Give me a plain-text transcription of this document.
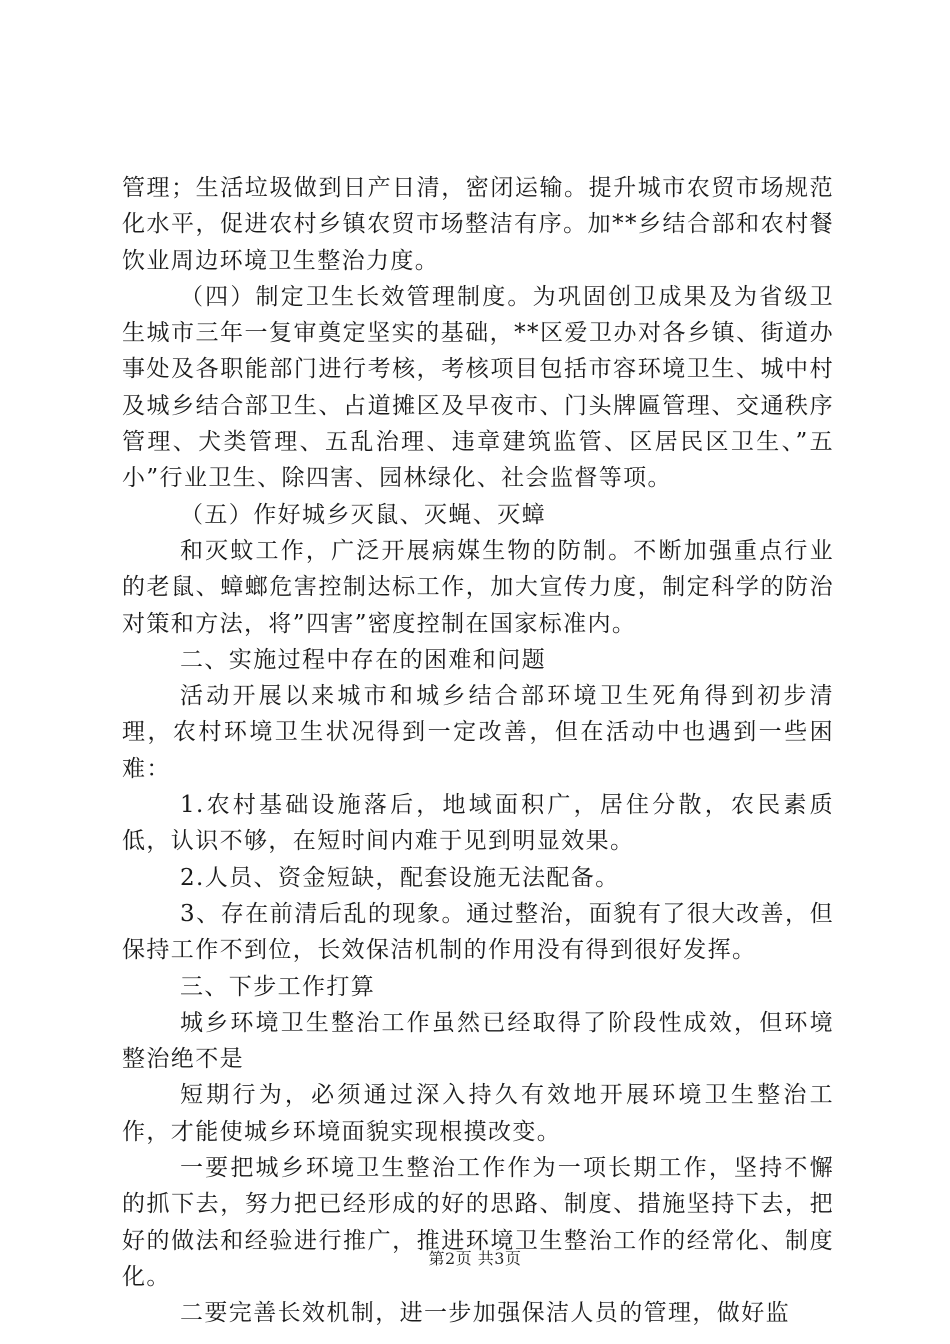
管理；生活垃圾做到日产日清，密闭运输。提升城市农贸市场规范化水平，促进农村乡镇农贸市场整洁有序。加**乡结合部和农村餐饮业周边环境卫生整治力度。

（四）制定卫生长效管理制度。为巩固创卫成果及为省级卫生城市三年一复审奠定坚实的基础，**区爱卫办对各乡镇、街道办事处及各职能部门进行考核，考核项目包括市容环境卫生、城中村及城乡结合部卫生、占道摊区及早夜市、门头牌匾管理、交通秩序管理、犬类管理、五乱治理、违章建筑监管、区居民区卫生、”五小”行业卫生、除四害、园林绿化、社会监督等项。

（五）作好城乡灭鼠、灭蝇、灭蟑

和灭蚊工作，广泛开展病媒生物的防制。不断加强重点行业的老鼠、蟑螂危害控制达标工作，加大宣传力度，制定科学的防治对策和方法，将”四害”密度控制在国家标准内。

二、实施过程中存在的困难和问题

活动开展以来城市和城乡结合部环境卫生死角得到初步清理，农村环境卫生状况得到一定改善，但在活动中也遇到一些困难：

1.农村基础设施落后，地域面积广，居住分散，农民素质低，认识不够，在短时间内难于见到明显效果。

2.人员、资金短缺，配套设施无法配备。

3、存在前清后乱的现象。通过整治，面貌有了很大改善，但保持工作不到位，长效保洁机制的作用没有得到很好发挥。

三、下步工作打算

城乡环境卫生整治工作虽然已经取得了阶段性成效，但环境整治绝不是

短期行为，必须通过深入持久有效地开展环境卫生整治工作，才能使城乡环境面貌实现根摸改变。

一要把城乡环境卫生整治工作作为一项长期工作，坚持不懈的抓下去，努力把已经形成的好的思路、制度、措施坚持下去，把好的做法和经验进行推广，推进环境卫生整治工作的经常化、制度化。

二要完善长效机制，进一步加强保洁人员的管理，做好监

第2页 共3页
